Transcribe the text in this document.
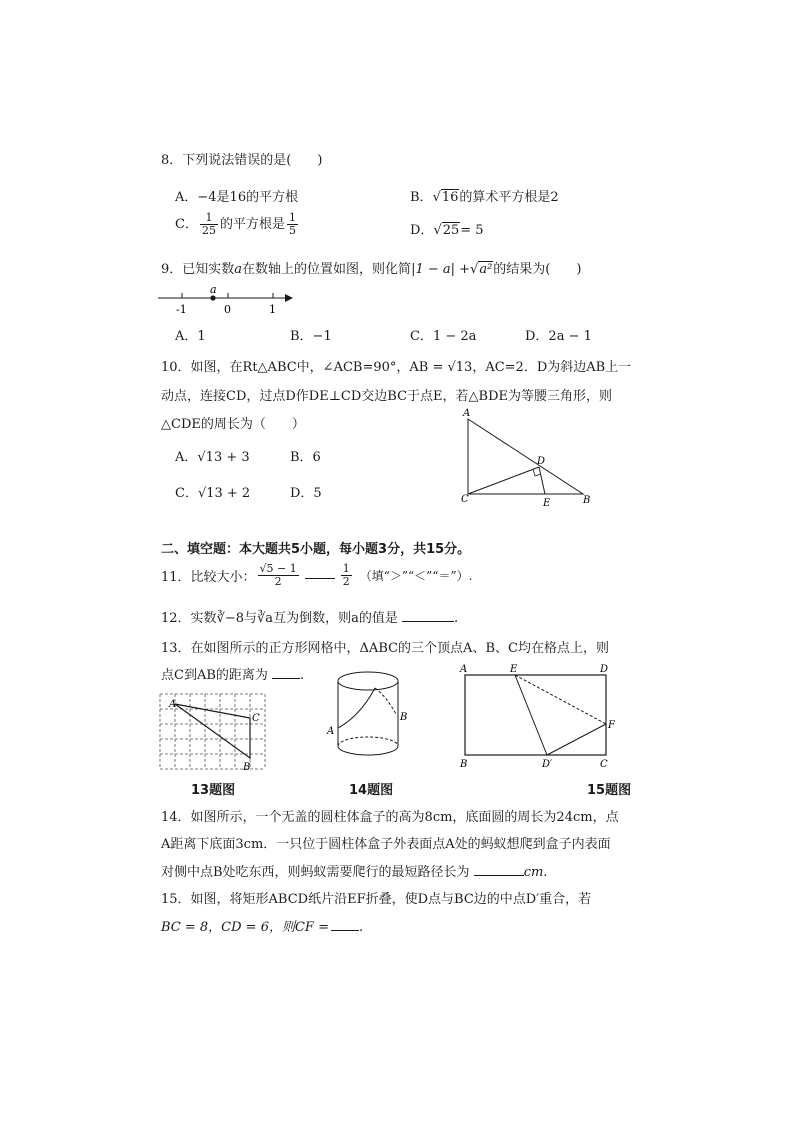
8．下列说法错误的是(　　)
A．−4是16的平方根	B．√16的算术平方根是2
C． $\frac{1}{25}$ 的平方根是 $\frac{1}{5}$	D．√25= 5
9．已知实数a在数轴上的位置如图，则化简|1 − a| +√a²的结果为(　　)
a
-1	0	1
A．1	B．−1	C．1 − 2a	D．2a − 1
10．如图，在Rt△ABC中，∠ACB=90°，AB = √13，AC=2．D为斜边AB上一
动点，连接CD，过点D作DE⊥CD交边BC于点E，若△BDE为等腰三角形，则
△CDE的周长为（　　）
A．√13 + 3	B．6
C．√13 + 2	D．5
A
D
C	E	B
二、填空题：本大题共5小题，每小题3分，共15分。
11．比较大小： $\frac{√5 - 1}{2}$	$\frac{1}{2}$ （填“＞”“＜”“＝”）.
12．实数∛−8与∛a互为倒数，则a的值是	.
13．在如图所示的正方形网格中，ΔABC的三个顶点A、B、C均在格点上，则
点C到AB的距离为 .
A
C
B
A
B
A	E	D
F
B	D′	C
13题图	14题图	15题图
14．如图所示，一个无盖的圆柱体盒子的高为8cm，底面圆的周长为24cm，点
A距离下底面3cm．一只位于圆柱体盒子外表面点A处的蚂蚁想爬到盒子内表面
对侧中点B处吃东西，则蚂蚁需要爬行的最短路径长为	cm.
15．如图，将矩形ABCD纸片沿EF折叠，使D点与BC边的中点D′重合，若
BC = 8，CD = 6，则CF = .
